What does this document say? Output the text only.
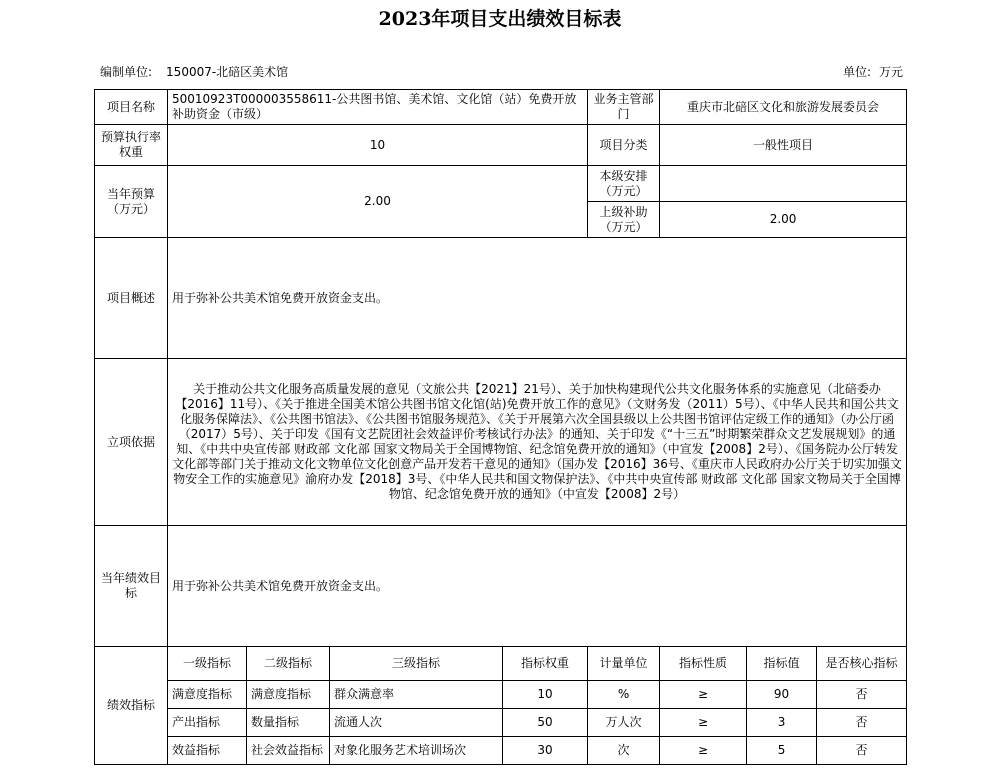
2023年项目支出绩效目标表
编制单位: 150007-北碚区美术馆	单位: 万元
项目名称	50010923T000003558611-公共图书馆、美术馆、文化馆（站）免费开放补助资金（市级）				业务主管部门	重庆市北碚区文化和旅游发展委员会		
预算执行率权重	10				项目分类	一般性项目		
当年预算（万元）	2.00				本级安排（万元）			
					上级补助（万元）	2.00		
项目概述	用于弥补公共美术馆免费开放资金支出。							
立项依据	关于推动公共文化服务高质量发展的意见（文旅公共【2021】21号）、关于加快构建现代公共文化服务体系的实施意见（北碚委办【2016】11号）、《关于推进全国美术馆公共图书馆文化馆(站)免费开放工作的意见》（文财务发（2011）5号）、《中华人民共和国公共文化服务保障法》、《公共图书馆法》、《公共图书馆服务规范》、《关于开展第六次全国县级以上公共图书馆评估定级工作的通知》（办公厅函（2017）5号）、关于印发《国有文艺院团社会效益评价考核试行办法》的通知、关于印发《“十三五”时期繁荣群众文艺发展规划》的通知、《中共中央宣传部 财政部 文化部 国家文物局关于全国博物馆、纪念馆免费开放的通知》（中宣发【2008】2号）、《国务院办公厅转发文化部等部门关于推动文化文物单位文化创意产品开发若干意见的通知》（国办发【2016】36号、《重庆市人民政府办公厅关于切实加强文物安全工作的实施意见》渝府办发【2018】3号、《中华人民共和国文物保护法》、《中共中央宣传部 财政部 文化部 国家文物局关于全国博物馆、纪念馆免费开放的通知》（中宣发【2008】2号）							
当年绩效目标	用于弥补公共美术馆免费开放资金支出。							
绩效指标	一级指标	二级指标	三级指标	指标权重	计量单位	指标性质	指标值	是否核心指标
	满意度指标	满意度指标	群众满意率	10	%	≥	90	否
	产出指标	数量指标	流通人次	50	万人次	≥	3	否
	效益指标	社会效益指标	对象化服务艺术培训场次	30	次	≥	5	否
